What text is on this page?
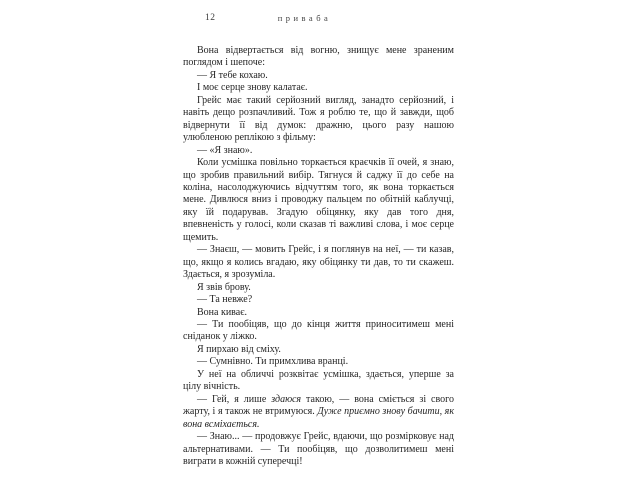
12	приваба

Вона відвертається від вогню, знищує мене зраненим поглядом і шепоче:

— Я тебе кохаю.

І моє серце знову калатає.

Грейс має такий серйозний вигляд, занадто серйозний, і навіть дещо розпачливий. Тож я роблю те, що й завжди, щоб відвернути її від думок: дражню, цього разу нашою улюбленою реплікою з фільму:

— «Я знаю».

Коли усмішка повільно торкається краєчків її очей, я знаю, що зробив правильний вибір. Тягнуся й саджу її до себе на коліна, насолоджуючись відчуттям того, як вона торкається мене. Дивлюся вниз і проводжу пальцем по обітній каблучці, яку їй подарував. Згадую обіцянку, яку дав того дня, впевненість у голосі, коли сказав ті важливі слова, і моє серце щемить.

— Знаєш, — мовить Грейс, і я поглянув на неї, — ти казав, що, якщо я колись вгадаю, яку обіцянку ти дав, то ти скажеш. Здається, я зрозуміла.

Я звів брову.

— Та невже?

Вона киває.

— Ти пообіцяв, що до кінця життя приноситимеш мені сніданок у ліжко.

Я пирхаю від сміху.

— Сумнівно. Ти примхлива вранці.

У неї на обличчі розквітає усмішка, здається, уперше за цілу вічність.

— Гей, я лише здаюся такою, — вона сміється зі свого жарту, і я також не втримуюся. Дуже приємно знову бачити, як вона всміхається.

— Знаю... — продовжує Грейс, вдаючи, що розмірковує над альтернативами. — Ти пообіцяв, що дозволитимеш мені виграти в кожній суперечці!
